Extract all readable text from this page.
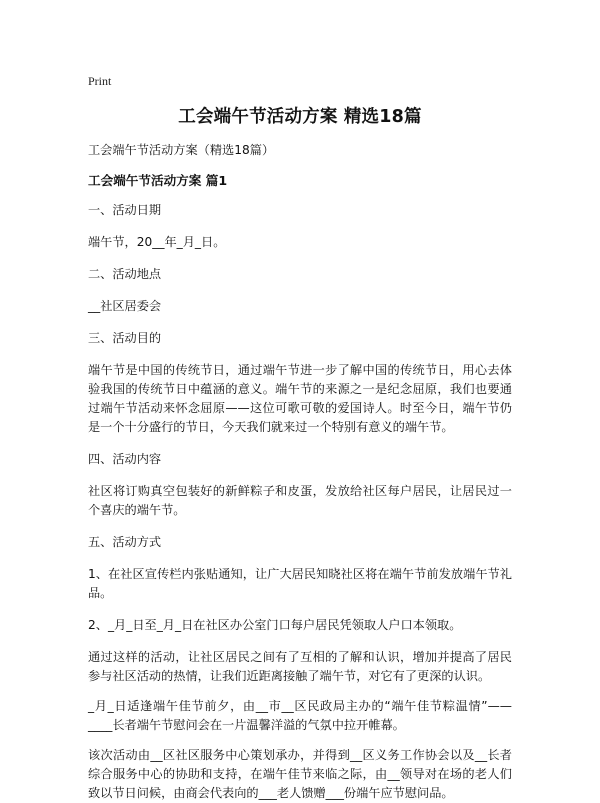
Print
工会端午节活动方案 精选18篇

工会端午节活动方案（精选18篇）

工会端午节活动方案 篇1

一、活动日期

端午节，20__年_月_日。

二、活动地点

__社区居委会

三、活动目的

端午节是中国的传统节日，通过端午节进一步了解中国的传统节日，用心去体验我国的传统节日中蕴涵的意义。端午节的来源之一是纪念屈原，我们也要通过端午节活动来怀念屈原——这位可歌可敬的爱国诗人。时至今日，端午节仍是一个十分盛行的节日，今天我们就来过一个特别有意义的端午节。

四、活动内容

社区将订购真空包装好的新鲜粽子和皮蛋，发放给社区每户居民，让居民过一个喜庆的端午节。

五、活动方式

1、在社区宣传栏内张贴通知，让广大居民知晓社区将在端午节前发放端午节礼品。

2、_月_日至_月_日在社区办公室门口每户居民凭领取人户口本领取。

通过这样的活动，让社区居民之间有了互相的了解和认识，增加并提高了居民参与社区活动的热情，让我们近距离接触了端午节，对它有了更深的认识。

_月_日适逢端午佳节前夕，由__市__区民政局主办的“端午佳节粽温情”——____长者端午节慰问会在一片温馨洋溢的气氛中拉开帷幕。

该次活动由__区社区服务中心策划承办，并得到__区义务工作协会以及__长者综合服务中心的协助和支持，在端午佳节来临之际，由__领导对在场的老人们致以节日问候，由商会代表向的___老人馈赠___份端午应节慰问品。
